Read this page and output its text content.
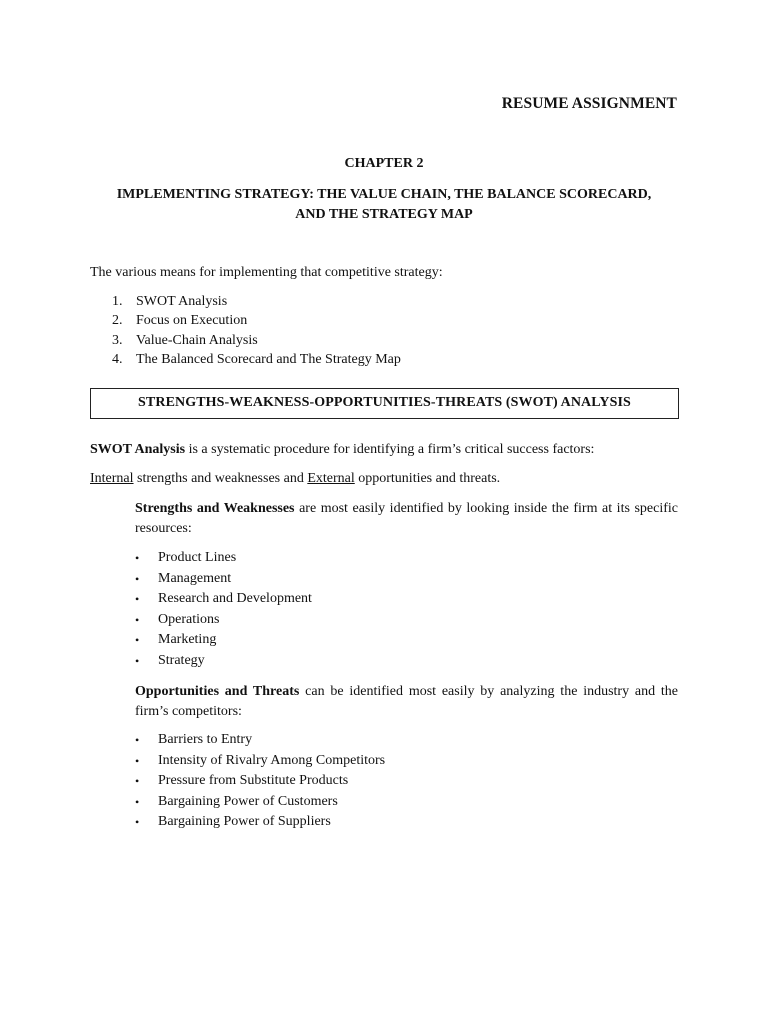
RESUME ASSIGNMENT
CHAPTER 2
IMPLEMENTING STRATEGY: THE VALUE CHAIN, THE BALANCE SCORECARD,
AND THE STRATEGY MAP
The various means for implementing that competitive strategy:
1. SWOT Analysis
2. Focus on Execution
3. Value-Chain Analysis
4. The Balanced Scorecard and The Strategy Map
STRENGTHS-WEAKNESS-OPPORTUNITIES-THREATS (SWOT) ANALYSIS
SWOT Analysis is a systematic procedure for identifying a firm’s critical success factors:
Internal strengths and weaknesses and External opportunities and threats.
Strengths and Weaknesses are most easily identified by looking inside the firm at its specific resources:
•	Product Lines
•	Management
•	Research and Development
•	Operations
•	Marketing
•	Strategy
Opportunities and Threats can be identified most easily by analyzing the industry and the firm’s competitors:
•	Barriers to Entry
•	Intensity of Rivalry Among Competitors
•	Pressure from Substitute Products
•	Bargaining Power of Customers
•	Bargaining Power of Suppliers
